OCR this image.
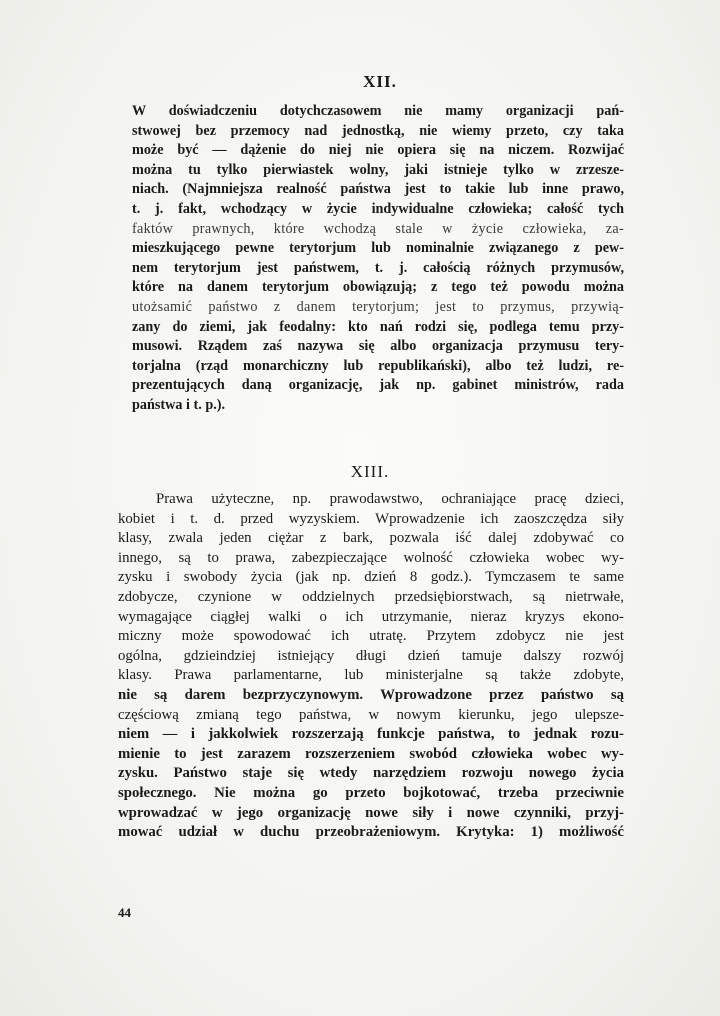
XII.
W doświadczeniu dotychczasowem nie mamy organizacji pań-
stwowej bez przemocy nad jednostką, nie wiemy przeto, czy taka
może być — dążenie do niej nie opiera się na niczem. Rozwijać
można tu tylko pierwiastek wolny, jaki istnieje tylko w zrzesze-
niach. (Najmniejsza realność państwa jest to takie lub inne prawo,
t. j. fakt, wchodzący w życie indywidualne człowieka; całość tych
faktów prawnych, które wchodzą stale w życie człowieka, za-
mieszkującego pewne terytorjum lub nominalnie związanego z pew-
nem terytorjum jest państwem, t. j. całością różnych przymusów,
które na danem terytorjum obowiązują; z tego też powodu można
utożsamić państwo z danem terytorjum; jest to przymus, przywią-
zany do ziemi, jak feodalny: kto nań rodzi się, podlega temu przy-
musowi. Rządem zaś nazywa się albo organizacja przymusu tery-
torjalna (rząd monarchiczny lub republikański), albo też ludzi, re-
prezentujących daną organizację, jak np. gabinet ministrów, rada
państwa i t. p.).
XIII.
Prawa użyteczne, np. prawodawstwo, ochraniające pracę dzieci,
kobiet i t. d. przed wyzyskiem. Wprowadzenie ich zaoszczędza siły
klasy, zwala jeden ciężar z bark, pozwala iść dalej zdobywać co
innego, są to prawa, zabezpieczające wolność człowieka wobec wy-
zysku i swobody życia (jak np. dzień 8 godz.). Tymczasem te same
zdobycze, czynione w oddzielnych przedsiębiorstwach, są nietrwałe,
wymagające ciągłej walki o ich utrzymanie, nieraz kryzys ekono-
miczny może spowodować ich utratę. Przytem zdobycz nie jest
ogólna, gdzieindziej istniejący długi dzień tamuje dalszy rozwój
klasy. Prawa parlamentarne, lub ministerjalne są także zdobyte,
nie są darem bezprzyczynowym. Wprowadzone przez państwo są
częściową zmianą tego państwa, w nowym kierunku, jego ulepsze-
niem — i jakkolwiek rozszerzają funkcje państwa, to jednak rozu-
mienie to jest zarazem rozszerzeniem swobód człowieka wobec wy-
zysku. Państwo staje się wtedy narzędziem rozwoju nowego życia
społecznego. Nie można go przeto bojkotować, trzeba przeciwnie
wprowadzać w jego organizację nowe siły i nowe czynniki, przyj-
mować udział w duchu przeobrażeniowym. Krytyka: 1) możliwość
44
